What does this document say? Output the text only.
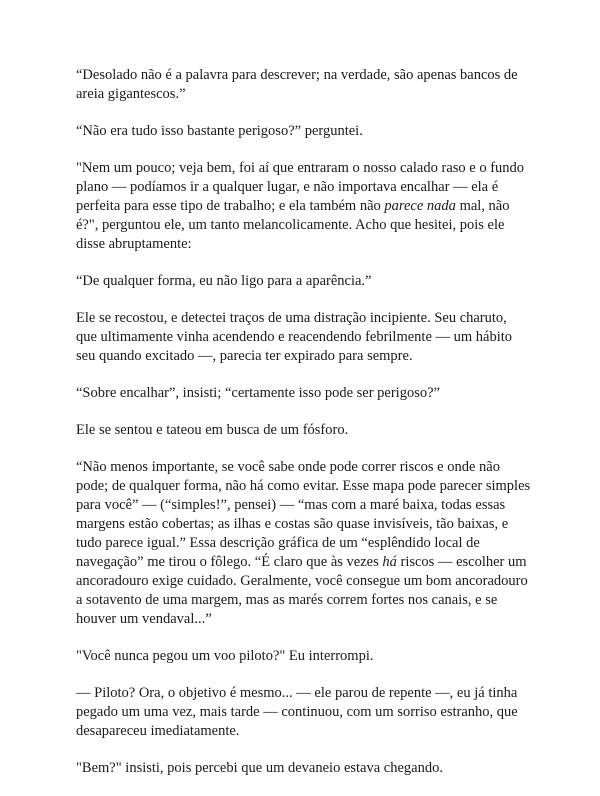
“Desolado não é a palavra para descrever; na verdade, são apenas bancos de areia gigantescos.”

“Não era tudo isso bastante perigoso?” perguntei.

"Nem um pouco; veja bem, foi aí que entraram o nosso calado raso e o fundo plano — podíamos ir a qualquer lugar, e não importava encalhar — ela é perfeita para esse tipo de trabalho; e ela também não parece nada mal, não é?", perguntou ele, um tanto melancolicamente. Acho que hesitei, pois ele disse abruptamente:

“De qualquer forma, eu não ligo para a aparência.”

Ele se recostou, e detectei traços de uma distração incipiente. Seu charuto, que ultimamente vinha acendendo e reacendendo febrilmente — um hábito seu quando excitado —, parecia ter expirado para sempre.

“Sobre encalhar”, insisti; “certamente isso pode ser perigoso?”

Ele se sentou e tateou em busca de um fósforo.

“Não menos importante, se você sabe onde pode correr riscos e onde não pode; de qualquer forma, não há como evitar. Esse mapa pode parecer simples para você” — (“simples!”, pensei) — “mas com a maré baixa, todas essas margens estão cobertas; as ilhas e costas são quase invisíveis, tão baixas, e tudo parece igual.” Essa descrição gráfica de um “esplêndido local de navegação” me tirou o fôlego. “É claro que às vezes há riscos — escolher um ancoradouro exige cuidado. Geralmente, você consegue um bom ancoradouro a sotavento de uma margem, mas as marés correm fortes nos canais, e se houver um vendaval...”

"Você nunca pegou um voo piloto?" Eu interrompi.

— Piloto? Ora, o objetivo é mesmo... — ele parou de repente —, eu já tinha pegado um uma vez, mais tarde — continuou, com um sorriso estranho, que desapareceu imediatamente.

"Bem?" insisti, pois percebi que um devaneio estava chegando.
